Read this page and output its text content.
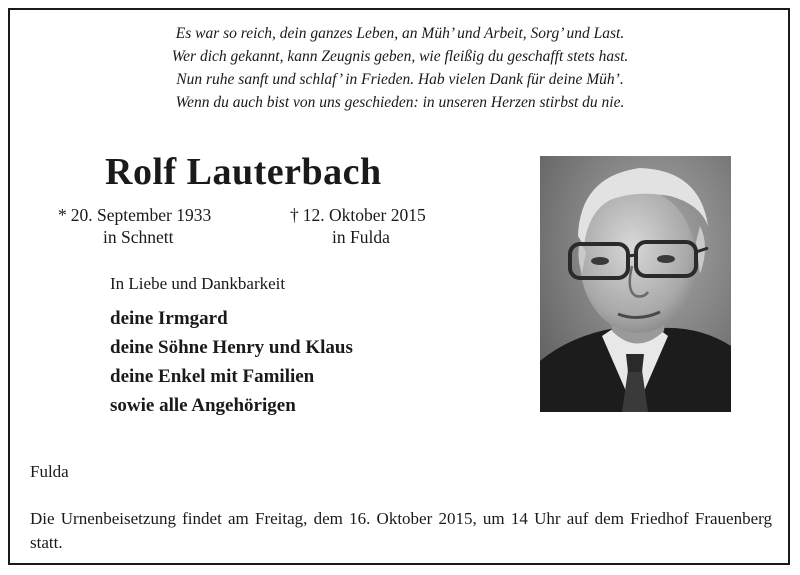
Es war so reich, dein ganzes Leben, an Müh’ und Arbeit, Sorg’ und Last.
Wer dich gekannt, kann Zeugnis geben, wie fleißig du geschafft stets hast.
Nun ruhe sanft und schlaf’ in Frieden. Hab vielen Dank für deine Müh’.
Wenn du auch bist von uns geschieden: in unseren Herzen stirbst du nie.
Rolf Lauterbach
* 20. September 1933
in Schnett
† 12. Oktober 2015
in Fulda
In Liebe und Dankbarkeit
deine Irmgard
deine Söhne Henry und Klaus
deine Enkel mit Familien
sowie alle Angehörigen
Fulda
Die Urnenbeisetzung findet am Freitag, dem 16. Oktober 2015, um 14 Uhr auf dem Friedhof Frauenberg statt.
